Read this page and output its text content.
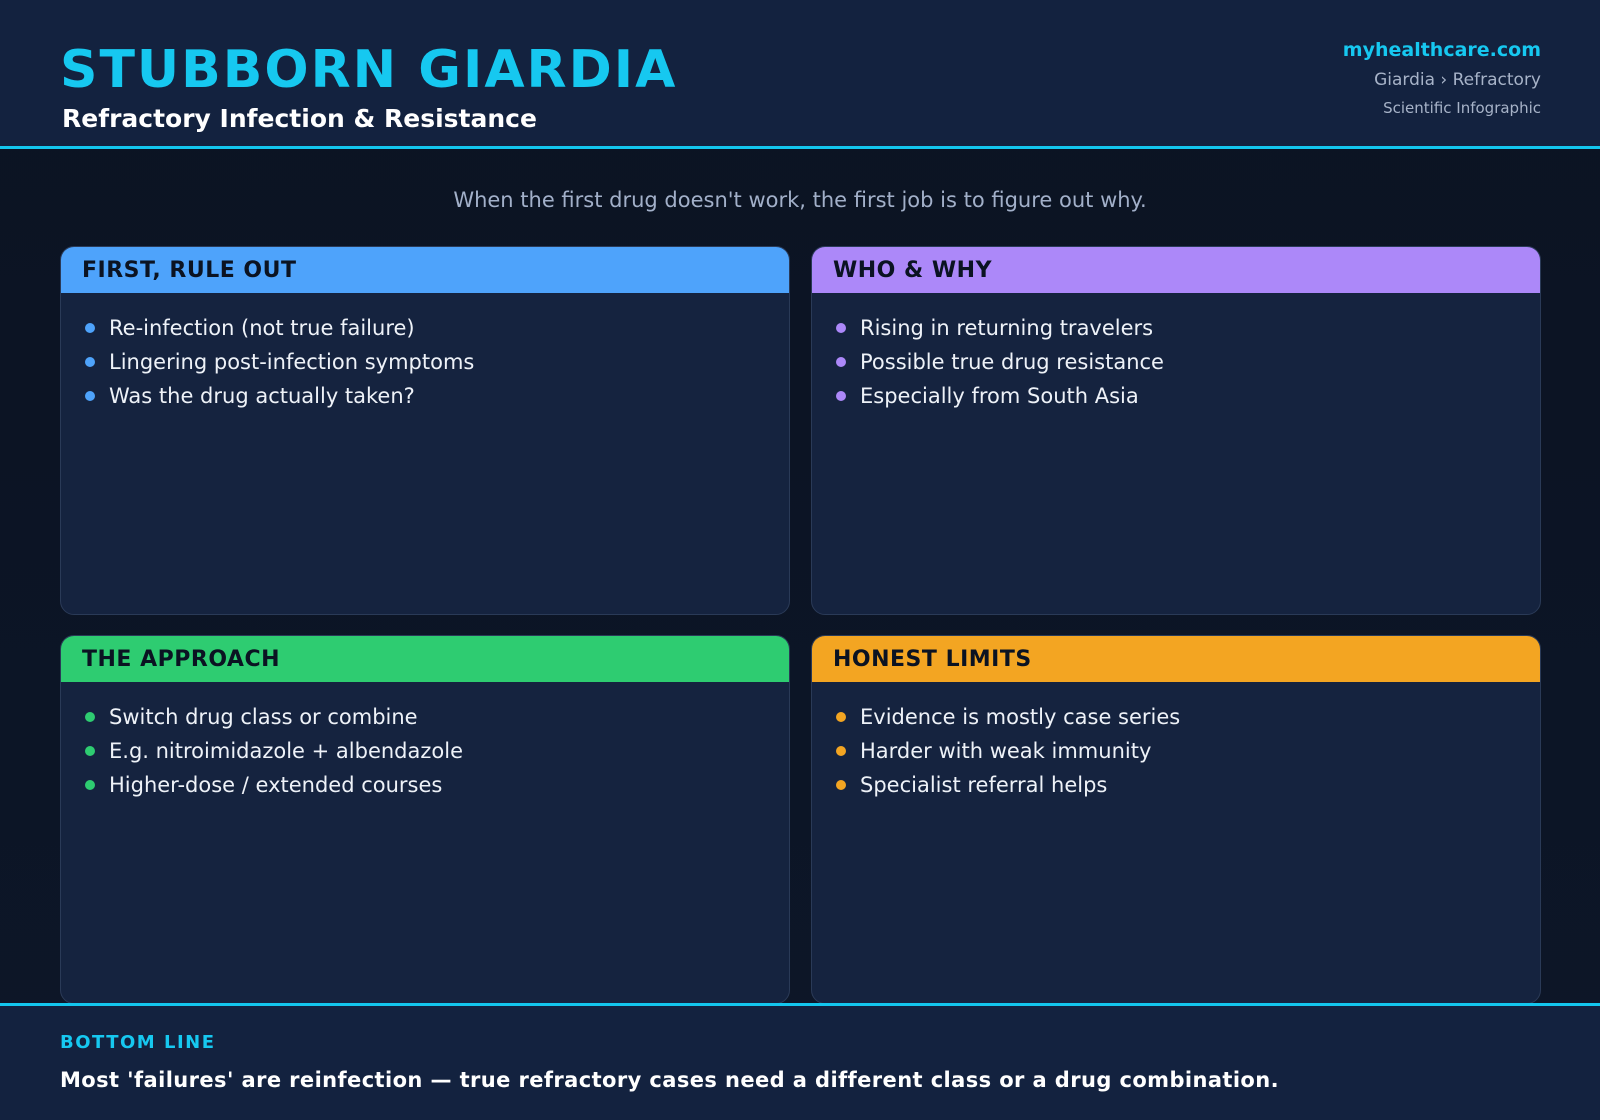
STUBBORN GIARDIA
Refractory Infection & Resistance
myhealthcare.com
Giardia › Refractory
Scientific Infographic
When the first drug doesn't work, the first job is to figure out why.
FIRST, RULE OUT
Re-infection (not true failure)
Lingering post-infection symptoms
Was the drug actually taken?
WHO & WHY
Rising in returning travelers
Possible true drug resistance
Especially from South Asia
THE APPROACH
Switch drug class or combine
E.g. nitroimidazole + albendazole
Higher-dose / extended courses
HONEST LIMITS
Evidence is mostly case series
Harder with weak immunity
Specialist referral helps
BOTTOM LINE
Most 'failures' are reinfection — true refractory cases need a different class or a drug combination.
